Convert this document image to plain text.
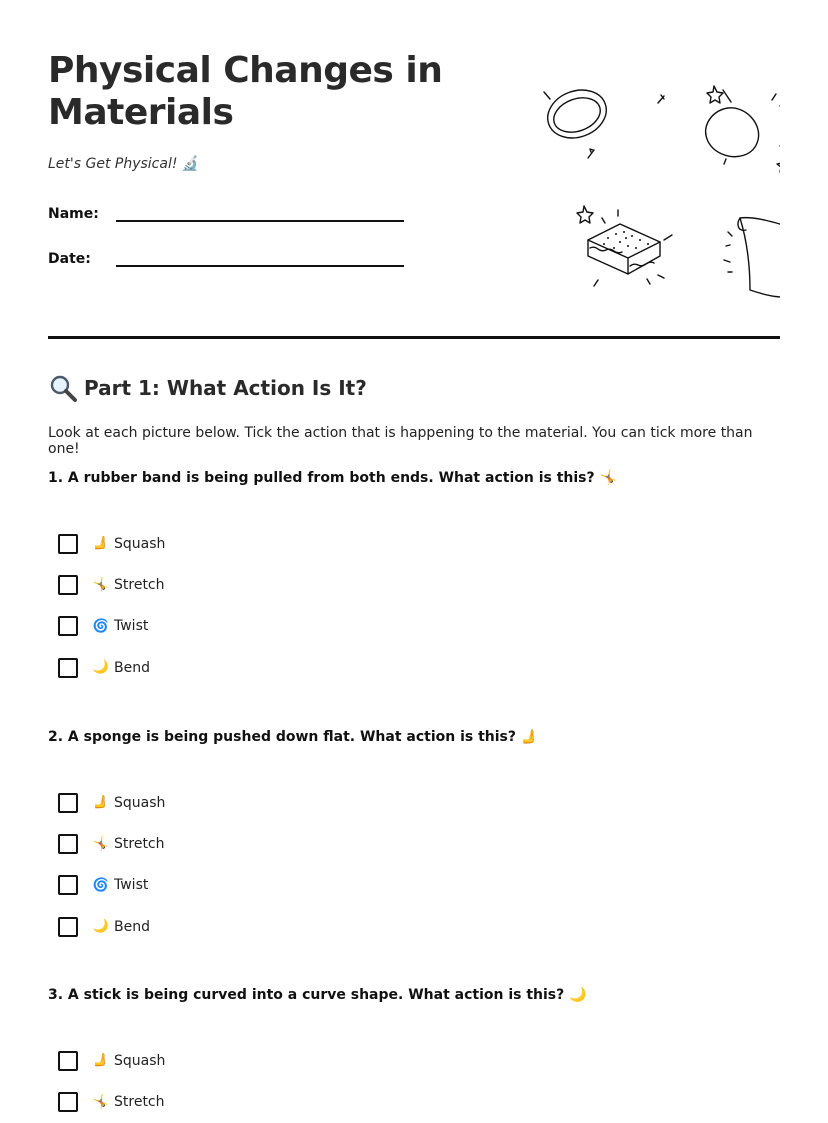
Physical Changes in Materials

Let's Get Physical! 🔬

Name:
Date:
Part 1: What Action Is It?

Look at each picture below. Tick the action that is happening to the material. You can tick more than one!

1. A rubber band is being pulled from both ends. What action is this? 🤸

🫸 Squash
🤸 Stretch
🌀 Twist
🌙 Bend

2. A sponge is being pushed down flat. What action is this? 🫸

🫸 Squash
🤸 Stretch
🌀 Twist
🌙 Bend

3. A stick is being curved into a curve shape. What action is this? 🌙

🫸 Squash
🤸 Stretch
